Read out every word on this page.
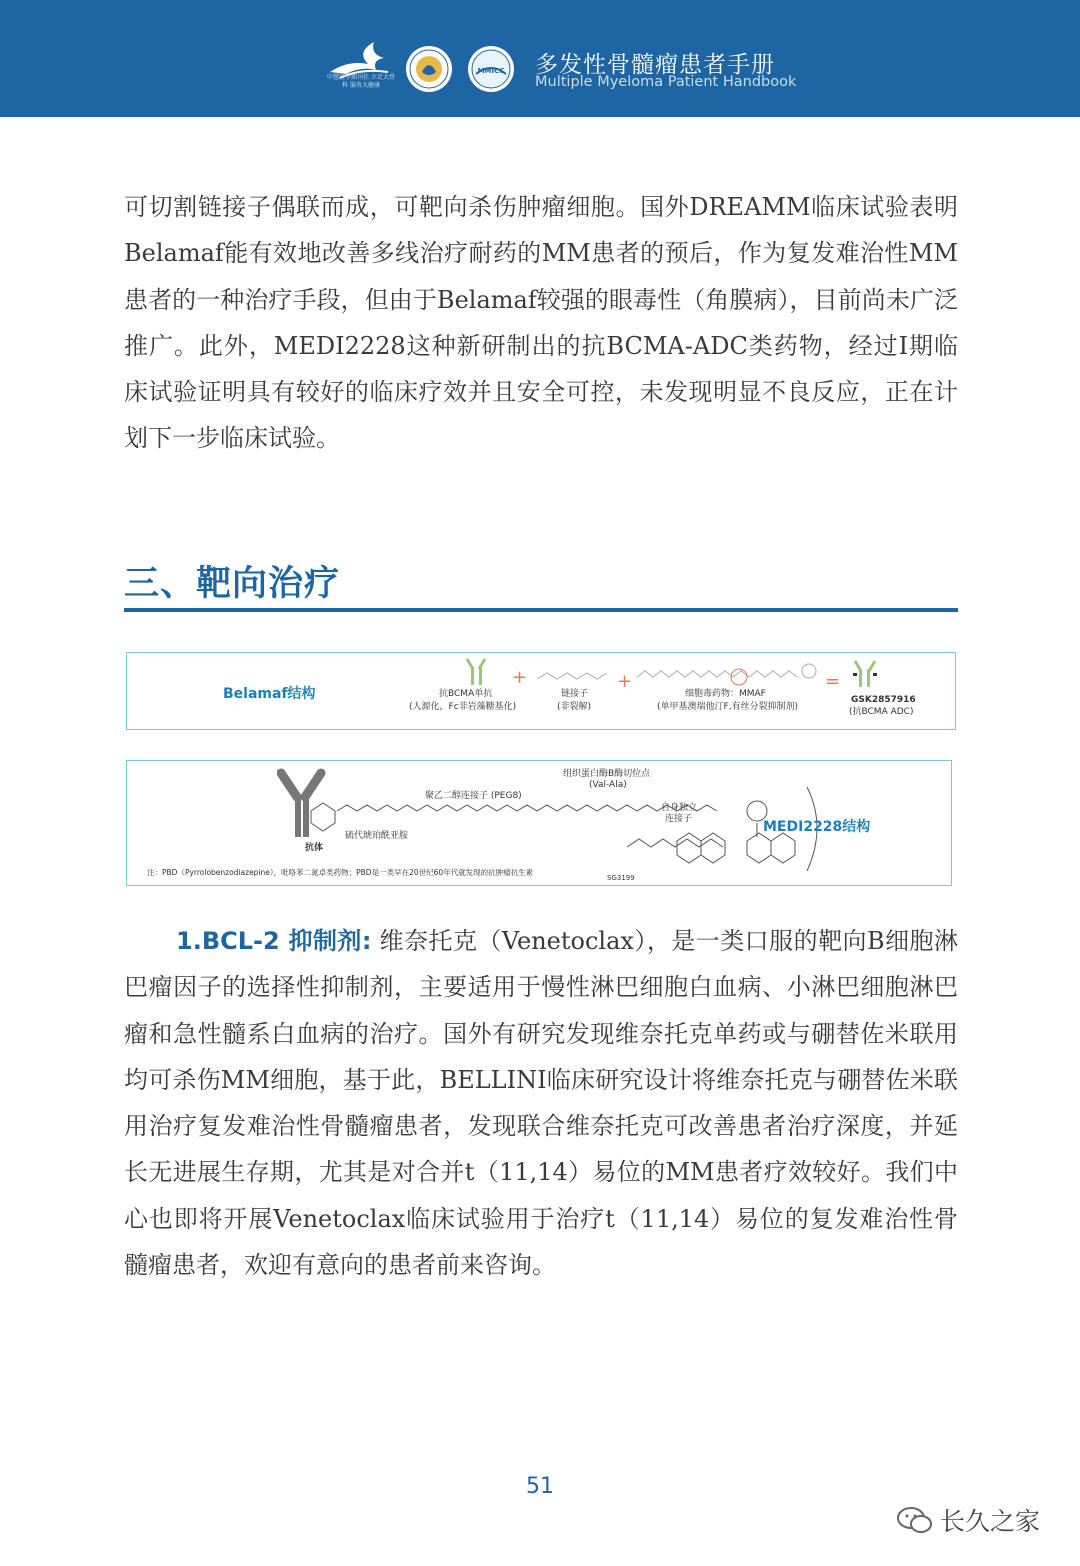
中慧医学期刊社 立足大骨科 服务大健康
MMICC 多发性骨髓瘤患者手册
Multiple Myeloma Patient Handbook

可切割链接子偶联而成，可靶向杀伤肿瘤细胞。国外DREAMM临床试验表明Belamaf能有效地改善多线治疗耐药的MM患者的预后，作为复发难治性MM患者的一种治疗手段，但由于Belamaf较强的眼毒性（角膜病），目前尚未广泛推广。此外，MEDI2228这种新研制出的抗BCMA-ADC类药物，经过Ⅰ期临床试验证明具有较好的临床疗效并且安全可控，未发现明显不良反应，正在计划下一步临床试验。

三、靶向治疗
Belamaf结构
+	+	=
抗BCMA单抗
(人源化，Fc非岩藻糖基化)
链接子
(非裂解)
细胞毒药物：MMAF
(单甲基澳瑞他汀F,有丝分裂抑制剂)
GSK2857916
(抗BCMA ADC)
组织蛋白酶B酶切位点
(Val-Ala)
聚乙二醇连接子 (PEG8)
自身独立
连接子
硫代琥珀酰亚胺
抗体
SG3199
注：PBD（Pyrrolobenzodiazepine），吡咯苯二氮卓类药物；PBD是一类早在20世纪60年代就发现的抗肿瘤抗生素
MEDI2228结构

1.BCL-2 抑制剂: 维奈托克（Venetoclax），是一类口服的靶向B细胞淋巴瘤因子的选择性抑制剂，主要适用于慢性淋巴细胞白血病、小淋巴细胞淋巴瘤和急性髓系白血病的治疗。国外有研究发现维奈托克单药或与硼替佐米联用均可杀伤MM细胞，基于此，BELLINI临床研究设计将维奈托克与硼替佐米联用治疗复发难治性骨髓瘤患者，发现联合维奈托克可改善患者治疗深度，并延长无进展生存期，尤其是对合并t（11,14）易位的MM患者疗效较好。我们中心也即将开展Venetoclax临床试验用于治疗t（11,14）易位的复发难治性骨髓瘤患者，欢迎有意向的患者前来咨询。

51
长久之家
